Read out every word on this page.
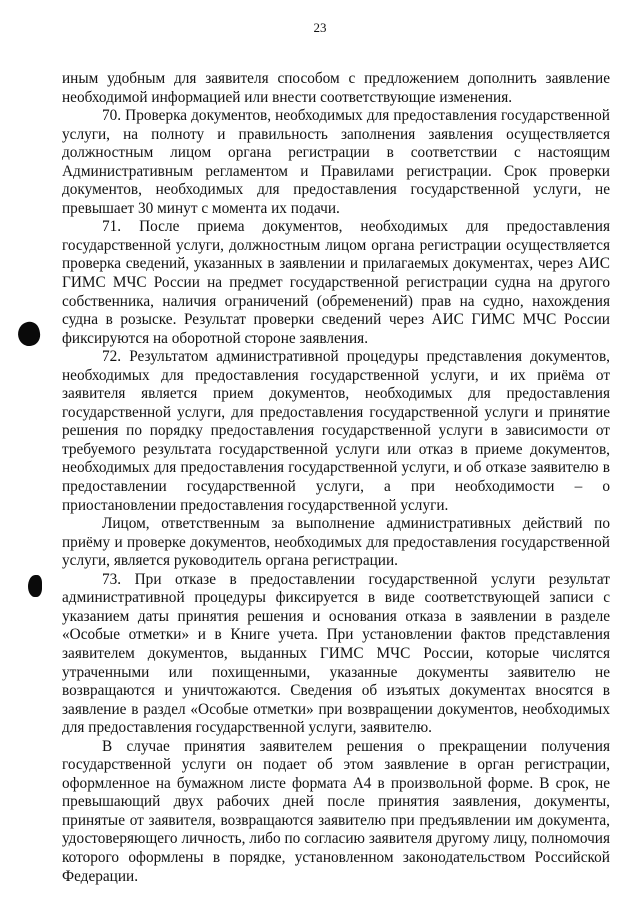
23

иным удобным для заявителя способом с предложением дополнить заявление необходимой информацией или внести соответствующие изменения.

70. Проверка документов, необходимых для предоставления государственной услуги, на полноту и правильность заполнения заявления осуществляется должностным лицом органа регистрации в соответствии с настоящим Административным регламентом и Правилами регистрации. Срок проверки документов, необходимых для предоставления государственной услуги, не превышает 30 минут с момента их подачи.

71. После приема документов, необходимых для предоставления государственной услуги, должностным лицом органа регистрации осуществляется проверка сведений, указанных в заявлении и прилагаемых документах, через АИС ГИМС МЧС России на предмет государственной регистрации судна на другого собственника, наличия ограничений (обременений) прав на судно, нахождения судна в розыске. Результат проверки сведений через АИС ГИМС МЧС России фиксируются на оборотной стороне заявления.

72. Результатом административной процедуры представления документов, необходимых для предоставления государственной услуги, и их приёма от заявителя является прием документов, необходимых для предоставления государственной услуги, для предоставления государственной услуги и принятие решения по порядку предоставления государственной услуги в зависимости от требуемого результата государственной услуги или отказ в приеме документов, необходимых для предоставления государственной услуги, и об отказе заявителю в предоставлении государственной услуги, а при необходимости – о приостановлении предоставления государственной услуги.

Лицом, ответственным за выполнение административных действий по приёму и проверке документов, необходимых для предоставления государственной услуги, является руководитель органа регистрации.

73. При отказе в предоставлении государственной услуги результат административной процедуры фиксируется в виде соответствующей записи с указанием даты принятия решения и основания отказа в заявлении в разделе «Особые отметки» и в Книге учета. При установлении фактов представления заявителем документов, выданных ГИМС МЧС России, которые числятся утраченными или похищенными, указанные документы заявителю не возвращаются и уничтожаются. Сведения об изъятых документах вносятся в заявление в раздел «Особые отметки» при возвращении документов, необходимых для предоставления государственной услуги, заявителю.

В случае принятия заявителем решения о прекращении получения государственной услуги он подает об этом заявление в орган регистрации, оформленное на бумажном листе формата А4 в произвольной форме. В срок, не превышающий двух рабочих дней после принятия заявления, документы, принятые от заявителя, возвращаются заявителю при предъявлении им документа, удостоверяющего личность, либо по согласию заявителя другому лицу, полномочия которого оформлены в порядке, установленном законодательством Российской Федерации.
